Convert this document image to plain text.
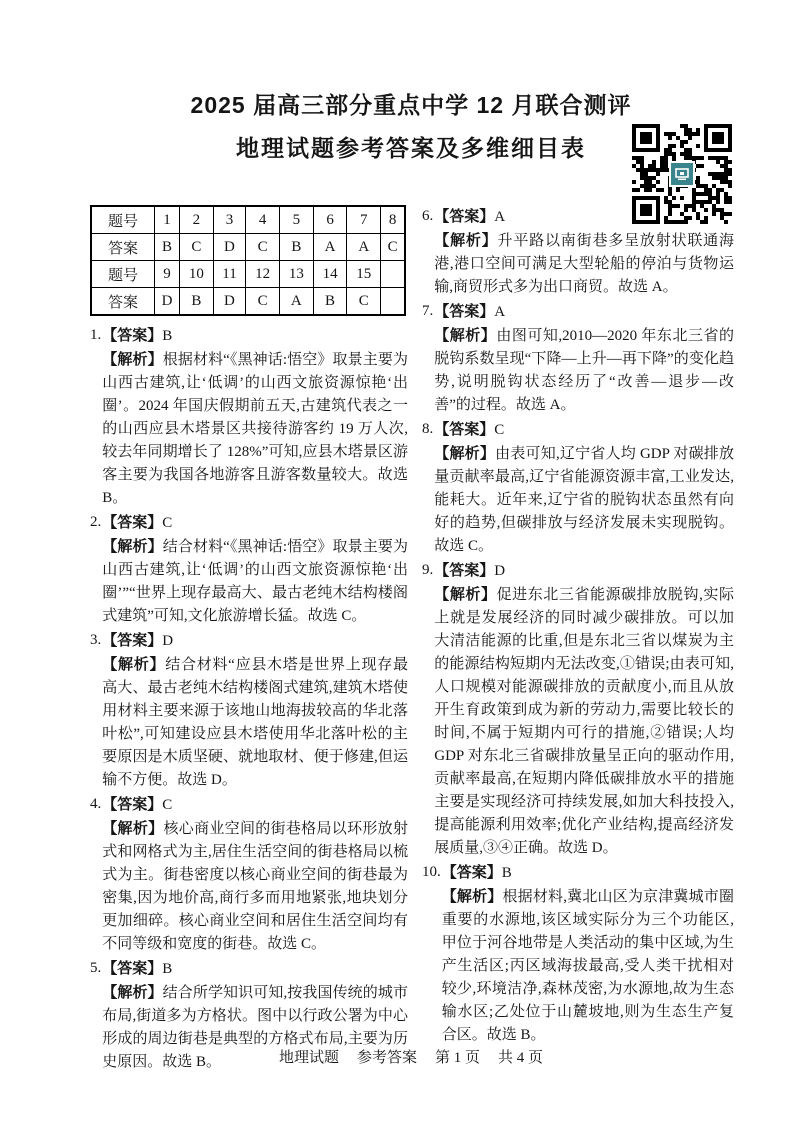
2025 届高三部分重点中学 12 月联合测评
地理试题参考答案及多维细目表
题号	1	2	3	4	5	6	7	8
答案	B	C	D	C	B	A	A	C
题号	9	10	11	12	13	14	15	
答案	D	B	D	C	A	B	C	
1. 【答案】B
【解析】根据材料“《黑神话:悟空》取景主要为山西古建筑,让‘低调’的山西文旅资源惊艳‘出圈’。2024 年国庆假期前五天,古建筑代表之一的山西应县木塔景区共接待游客约 19 万人次,较去年同期增长了 128%”可知,应县木塔景区游客主要为我国各地游客且游客数量较大。故选 B。
2. 【答案】C
【解析】结合材料“《黑神话:悟空》取景主要为山西古建筑,让‘低调’的山西文旅资源惊艳‘出圈’”“世界上现存最高大、最古老纯木结构楼阁式建筑”可知,文化旅游增长猛。故选 C。
3. 【答案】D
【解析】结合材料“应县木塔是世界上现存最高大、最古老纯木结构楼阁式建筑,建筑木塔使用材料主要来源于该地山地海拔较高的华北落叶松”,可知建设应县木塔使用华北落叶松的主要原因是木质坚硬、就地取材、便于修建,但运输不方便。故选 D。
4. 【答案】C
【解析】核心商业空间的街巷格局以环形放射式和网格式为主,居住生活空间的街巷格局以梳式为主。街巷密度以核心商业空间的街巷最为密集,因为地价高,商行多而用地紧张,地块划分更加细碎。核心商业空间和居住生活空间均有不同等级和宽度的街巷。故选 C。
5. 【答案】B
【解析】结合所学知识可知,按我国传统的城市布局,街道多为方格状。图中以行政公署为中心形成的周边街巷是典型的方格式布局,主要为历史原因。故选 B。
6. 【答案】A
【解析】升平路以南街巷多呈放射状联通海港,港口空间可满足大型轮船的停泊与货物运输,商贸形式多为出口商贸。故选 A。
7. 【答案】A
【解析】由图可知,2010—2020 年东北三省的脱钩系数呈现“下降—上升—再下降”的变化趋势,说明脱钩状态经历了“改善—退步—改善”的过程。故选 A。
8. 【答案】C
【解析】由表可知,辽宁省人均 GDP 对碳排放量贡献率最高,辽宁省能源资源丰富,工业发达,能耗大。近年来,辽宁省的脱钩状态虽然有向好的趋势,但碳排放与经济发展未实现脱钩。故选 C。
9. 【答案】D
【解析】促进东北三省能源碳排放脱钩,实际上就是发展经济的同时减少碳排放。可以加大清洁能源的比重,但是东北三省以煤炭为主的能源结构短期内无法改变,①错误;由表可知,人口规模对能源碳排放的贡献度小,而且从放开生育政策到成为新的劳动力,需要比较长的时间,不属于短期内可行的措施,②错误;人均 GDP 对东北三省碳排放量呈正向的驱动作用,贡献率最高,在短期内降低碳排放水平的措施主要是实现经济可持续发展,如加大科技投入,提高能源利用效率;优化产业结构,提高经济发展质量,③④正确。故选 D。
10. 【答案】B
【解析】根据材料,冀北山区为京津冀城市圈重要的水源地,该区域实际分为三个功能区,甲位于河谷地带是人类活动的集中区域,为生产生活区;丙区域海拔最高,受人类干扰相对较少,环境洁净,森林茂密,为水源地,故为生态输水区;乙处位于山麓坡地,则为生态生产复合区。故选 B。
地理试题 参考答案 第 1 页 共 4 页
